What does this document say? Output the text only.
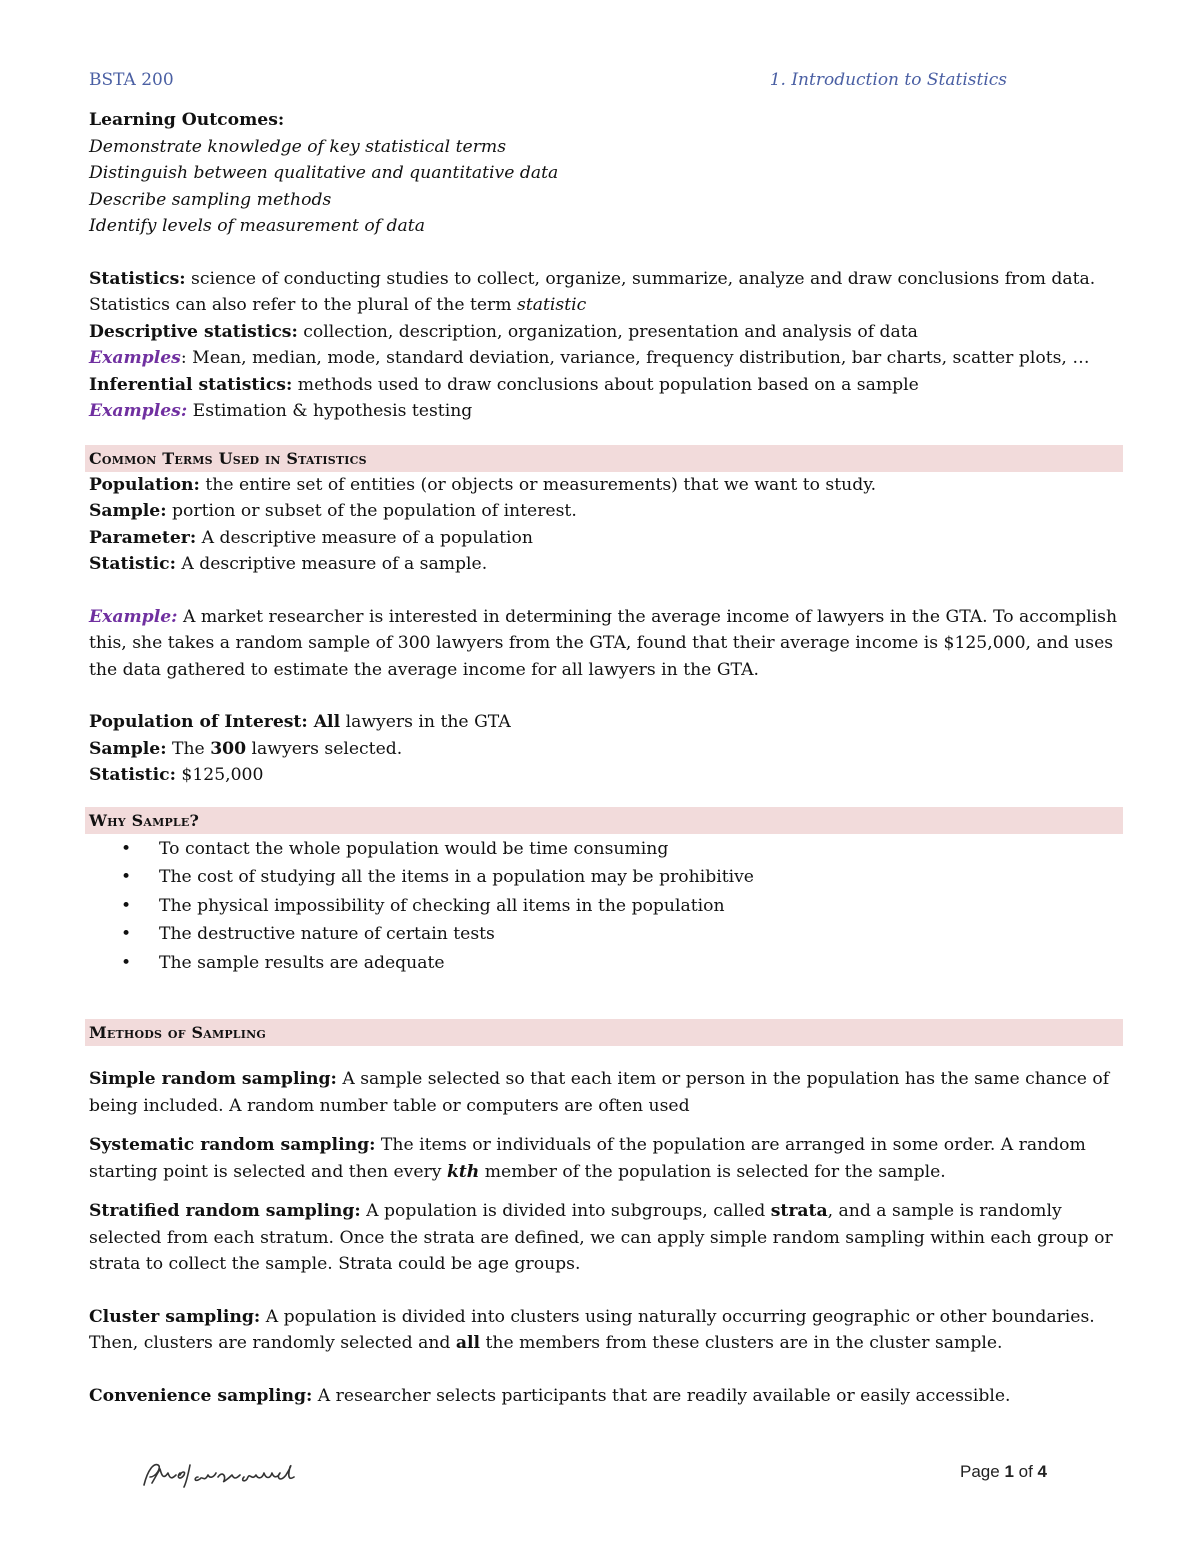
BSTA 200	1. Introduction to Statistics

Learning Outcomes:

Demonstrate knowledge of key statistical terms

Distinguish between qualitative and quantitative data

Describe sampling methods

Identify levels of measurement of data

Statistics: science of conducting studies to collect, organize, summarize, analyze and draw conclusions from data.

Statistics can also refer to the plural of the term statistic

Descriptive statistics: collection, description, organization, presentation and analysis of data

Examples: Mean, median, mode, standard deviation, variance, frequency distribution, bar charts, scatter plots, …

Inferential statistics: methods used to draw conclusions about population based on a sample

Examples: Estimation & hypothesis testing

Common Terms Used in Statistics

Population: the entire set of entities (or objects or measurements) that we want to study.

Sample: portion or subset of the population of interest.

Parameter: A descriptive measure of a population

Statistic: A descriptive measure of a sample.

Example: A market researcher is interested in determining the average income of lawyers in the GTA. To accomplish this, she takes a random sample of 300 lawyers from the GTA, found that their average income is $125,000, and uses the data gathered to estimate the average income for all lawyers in the GTA.

Population of Interest: All lawyers in the GTA

Sample: The 300 lawyers selected.

Statistic: $125,000

Why Sample?
• To contact the whole population would be time consuming
• The cost of studying all the items in a population may be prohibitive
• The physical impossibility of checking all items in the population
• The destructive nature of certain tests
• The sample results are adequate
Methods of Sampling

Simple random sampling: A sample selected so that each item or person in the population has the same chance of being included. A random number table or computers are often used

Systematic random sampling: The items or individuals of the population are arranged in some order. A random starting point is selected and then every kth member of the population is selected for the sample.

Stratified random sampling: A population is divided into subgroups, called strata, and a sample is randomly selected from each stratum. Once the strata are defined, we can apply simple random sampling within each group or strata to collect the sample. Strata could be age groups.

Cluster sampling: A population is divided into clusters using naturally occurring geographic or other boundaries. Then, clusters are randomly selected and all the members from these clusters are in the cluster sample.

Convenience sampling: A researcher selects participants that are readily available or easily accessible.

Page 1 of 4
